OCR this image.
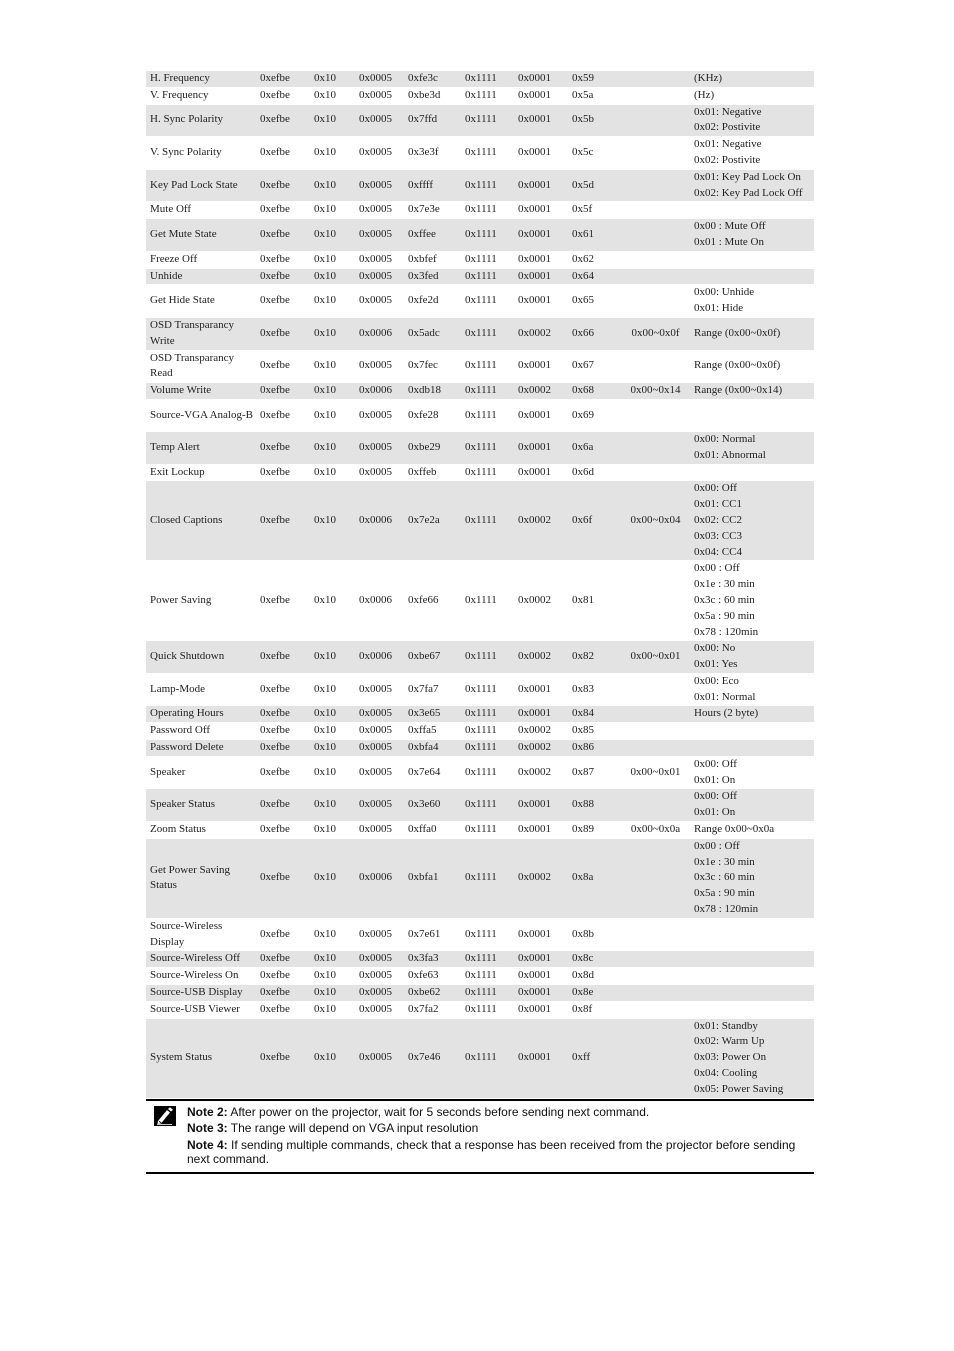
H. Frequency	0xefbe	0x10	0x0005	0xfe3c	0x1111	0x0001	0x59		(KHz)

V. Frequency	0xefbe	0x10	0x0005	0xbe3d	0x1111	0x0001	0x5a		(Hz)

H. Sync Polarity	0xefbe	0x10	0x0005	0x7ffd	0x1111	0x0001	0x5b		0x01: Negative
0x02: Postivite

V. Sync Polarity	0xefbe	0x10	0x0005	0x3e3f	0x1111	0x0001	0x5c		0x01: Negative
0x02: Postivite

Key Pad Lock State	0xefbe	0x10	0x0005	0xffff	0x1111	0x0001	0x5d		0x01: Key Pad Lock On
0x02: Key Pad Lock Off

Mute Off	0xefbe	0x10	0x0005	0x7e3e	0x1111	0x0001	0x5f		
Get Mute State	0xefbe	0x10	0x0005	0xffee	0x1111	0x0001	0x61		0x00 : Mute Off
0x01 : Mute On

Freeze Off	0xefbe	0x10	0x0005	0xbfef	0x1111	0x0001	0x62		
Unhide	0xefbe	0x10	0x0005	0x3fed	0x1111	0x0001	0x64		
Get Hide State	0xefbe	0x10	0x0005	0xfe2d	0x1111	0x0001	0x65		0x00: Unhide
0x01: Hide

OSD Transparancy Write	0xefbe	0x10	0x0006	0x5adc	0x1111	0x0002	0x66	0x00~0x0f	Range (0x00~0x0f)

OSD Transparancy Read	0xefbe	0x10	0x0005	0x7fec	0x1111	0x0001	0x67		Range (0x00~0x0f)

Volume Write	0xefbe	0x10	0x0006	0xdb18	0x1111	0x0002	0x68	0x00~0x14	Range (0x00~0x14)

Source-VGA Analog-B	0xefbe	0x10	0x0005	0xfe28	0x1111	0x0001	0x69		
Temp Alert	0xefbe	0x10	0x0005	0xbe29	0x1111	0x0001	0x6a		0x00: Normal
0x01: Abnormal

Exit Lockup	0xefbe	0x10	0x0005	0xffeb	0x1111	0x0001	0x6d		
Closed Captions	0xefbe	0x10	0x0006	0x7e2a	0x1111	0x0002	0x6f	0x00~0x04	0x00: Off
0x01: CC1
0x02: CC2
0x03: CC3
0x04: CC4

Power Saving	0xefbe	0x10	0x0006	0xfe66	0x1111	0x0002	0x81		0x00 : Off
0x1e : 30 min
0x3c : 60 min
0x5a : 90 min
0x78 : 120min

Quick Shutdown	0xefbe	0x10	0x0006	0xbe67	0x1111	0x0002	0x82	0x00~0x01	0x00: No
0x01: Yes

Lamp-Mode	0xefbe	0x10	0x0005	0x7fa7	0x1111	0x0001	0x83		0x00: Eco
0x01: Normal

Operating Hours	0xefbe	0x10	0x0005	0x3e65	0x1111	0x0001	0x84		Hours (2 byte)

Password Off	0xefbe	0x10	0x0005	0xffa5	0x1111	0x0002	0x85		
Password Delete	0xefbe	0x10	0x0005	0xbfa4	0x1111	0x0002	0x86		
Speaker	0xefbe	0x10	0x0005	0x7e64	0x1111	0x0002	0x87	0x00~0x01	0x00: Off
0x01: On

Speaker Status	0xefbe	0x10	0x0005	0x3e60	0x1111	0x0001	0x88		0x00: Off
0x01: On

Zoom Status	0xefbe	0x10	0x0005	0xffa0	0x1111	0x0001	0x89	0x00~0x0a	Range 0x00~0x0a

Get Power Saving Status	0xefbe	0x10	0x0006	0xbfa1	0x1111	0x0002	0x8a		0x00 : Off
0x1e : 30 min
0x3c : 60 min
0x5a : 90 min
0x78 : 120min

Source-Wireless Display	0xefbe	0x10	0x0005	0x7e61	0x1111	0x0001	0x8b		
Source-Wireless Off	0xefbe	0x10	0x0005	0x3fa3	0x1111	0x0001	0x8c		
Source-Wireless On	0xefbe	0x10	0x0005	0xfe63	0x1111	0x0001	0x8d		
Source-USB Display	0xefbe	0x10	0x0005	0xbe62	0x1111	0x0001	0x8e		
Source-USB Viewer	0xefbe	0x10	0x0005	0x7fa2	0x1111	0x0001	0x8f		
System Status	0xefbe	0x10	0x0005	0x7e46	0x1111	0x0001	0xff		0x01: Standby
0x02: Warm Up
0x03: Power On
0x04: Cooling
0x05: Power Saving

Note 2: After power on the projector, wait for 5 seconds before sending next command.

Note 3: The range will depend on VGA input resolution

Note 4: If sending multiple commands, check that a response has been received from the projector before sending next command.
